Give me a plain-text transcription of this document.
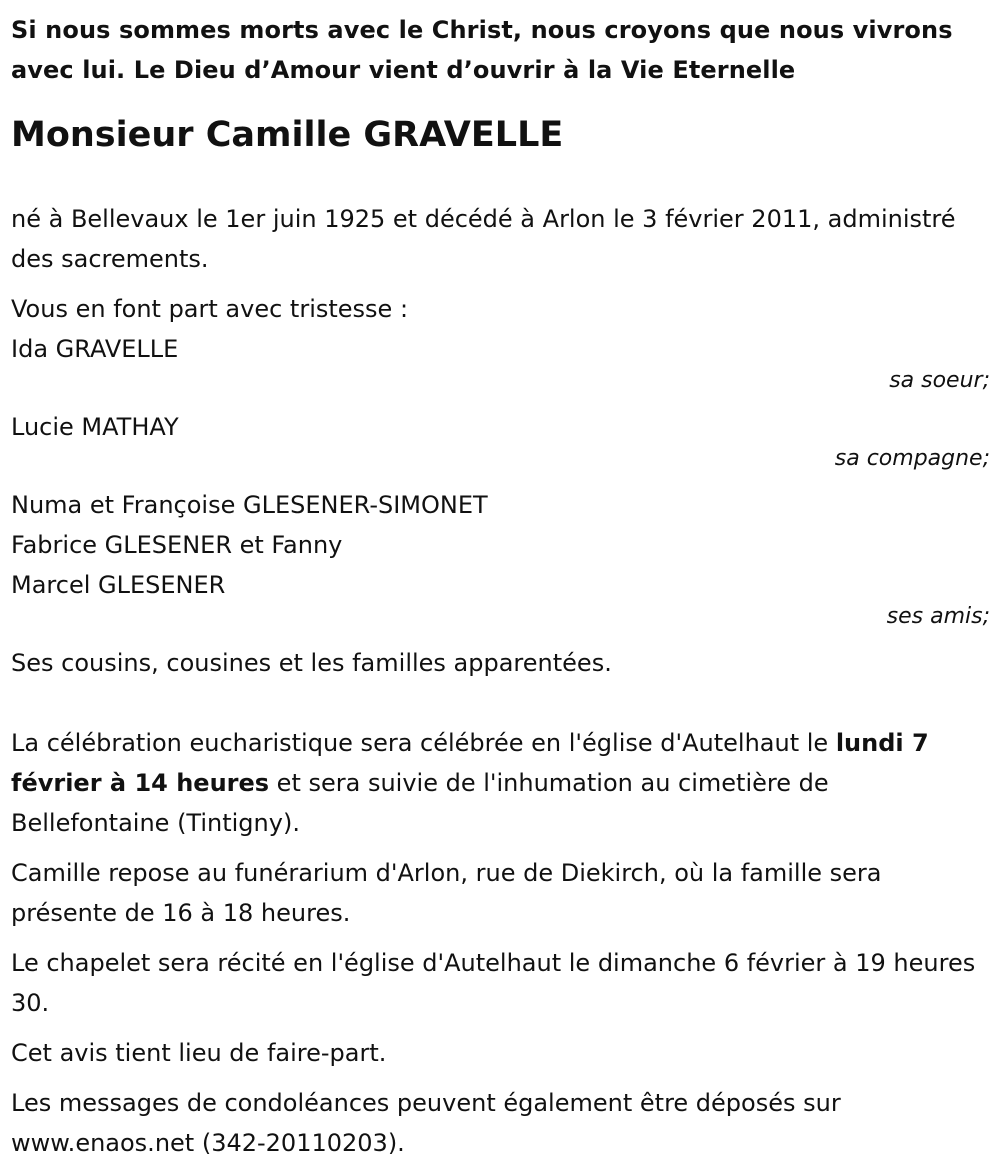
Si nous sommes morts avec le Christ, nous croyons que nous vivrons avec lui. Le Dieu d’Amour vient d’ouvrir à la Vie Eternelle

Monsieur Camille GRAVELLE

né à Bellevaux le 1er juin 1925 et décédé à Arlon le 3 février 2011, administré des sacrements.

Vous en font part avec tristesse :

Ida GRAVELLE

sa soeur;

Lucie MATHAY

sa compagne;

Numa et Françoise GLESENER-SIMONET

Fabrice GLESENER et Fanny

Marcel GLESENER

ses amis;

Ses cousins, cousines et les familles apparentées.

La célébration eucharistique sera célébrée en l'église d'Autelhaut le lundi 7 février à 14 heures et sera suivie de l'inhumation au cimetière de Bellefontaine (Tintigny).

Camille repose au funérarium d'Arlon, rue de Diekirch, où la famille sera présente de 16 à 18 heures.

Le chapelet sera récité en l'église d'Autelhaut le dimanche 6 février à 19 heures 30.

Cet avis tient lieu de faire-part.

Les messages de condoléances peuvent également être déposés sur www.enaos.net (342-20110203).
